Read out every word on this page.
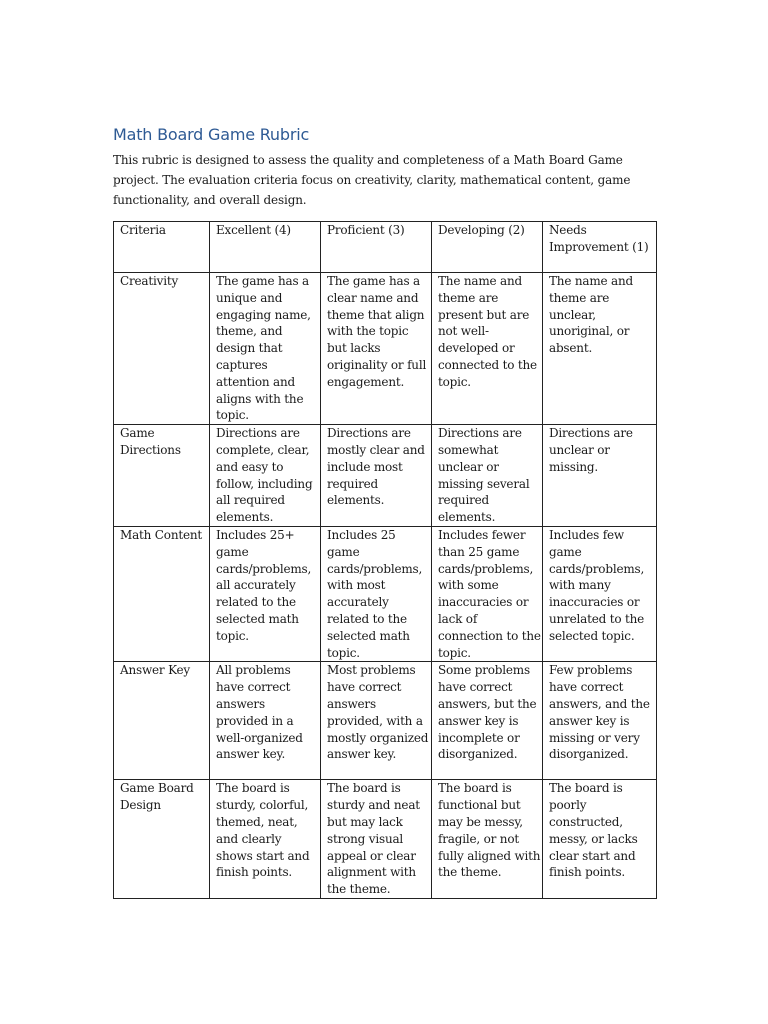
Math Board Game Rubric

This rubric is designed to assess the quality and completeness of a Math Board Game project. The evaluation criteria focus on creativity, clarity, mathematical content, game functionality, and overall design.

Criteria	Excellent (4)	Proficient (3)	Developing (2)	Needs Improvement (1)
Creativity	The game has a unique and engaging name, theme, and design that captures attention and aligns with the topic.	The game has a clear name and theme that align with the topic but lacks originality or full engagement.	The name and theme are present but are not well-developed or connected to the topic.	The name and theme are unclear, unoriginal, or absent.
Game Directions	Directions are complete, clear, and easy to follow, including all required elements.	Directions are mostly clear and include most required elements.	Directions are somewhat unclear or missing several required elements.	Directions are unclear or missing.
Math Content	Includes 25+ game cards/problems, all accurately related to the selected math topic.	Includes 25 game cards/problems, with most accurately related to the selected math topic.	Includes fewer than 25 game cards/problems, with some inaccuracies or lack of connection to the topic.	Includes few game cards/problems, with many inaccuracies or unrelated to the selected topic.
Answer Key	All problems have correct answers provided in a well-organized answer key.	Most problems have correct answers provided, with a mostly organized answer key.	Some problems have correct answers, but the answer key is incomplete or disorganized.	Few problems have correct answers, and the answer key is missing or very disorganized.
Game Board Design	The board is sturdy, colorful, themed, neat, and clearly shows start and finish points.	The board is sturdy and neat but may lack strong visual appeal or clear alignment with the theme.	The board is functional but may be messy, fragile, or not fully aligned with the theme.	The board is poorly constructed, messy, or lacks clear start and finish points.
